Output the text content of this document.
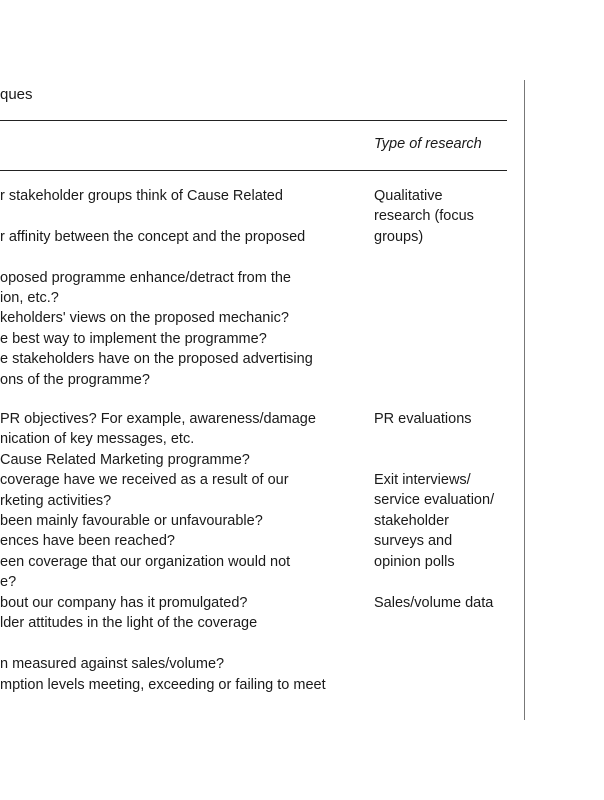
ques
Type of research
r stakeholder groups think of Cause Related
r affinity between the concept and the proposed
oposed programme enhance/detract from the
ion, etc.?
keholders' views on the proposed mechanic?
e best way to implement the programme?
e stakeholders have on the proposed advertising
ons of the programme?
Qualitative
research (focus
groups)
PR objectives? For example, awareness/damage
nication of key messages, etc.
Cause Related Marketing programme?
coverage have we received as a result of our
rketing activities?
been mainly favourable or unfavourable?
ences have been reached?
een coverage that our organization would not
e?
PR evaluations
Exit interviews/
service evaluation/
stakeholder
surveys and
opinion polls
bout our company has it promulgated?
lder attitudes in the light of the coverage
n measured against sales/volume?
mption levels meeting, exceeding or failing to meet
Sales/volume data
